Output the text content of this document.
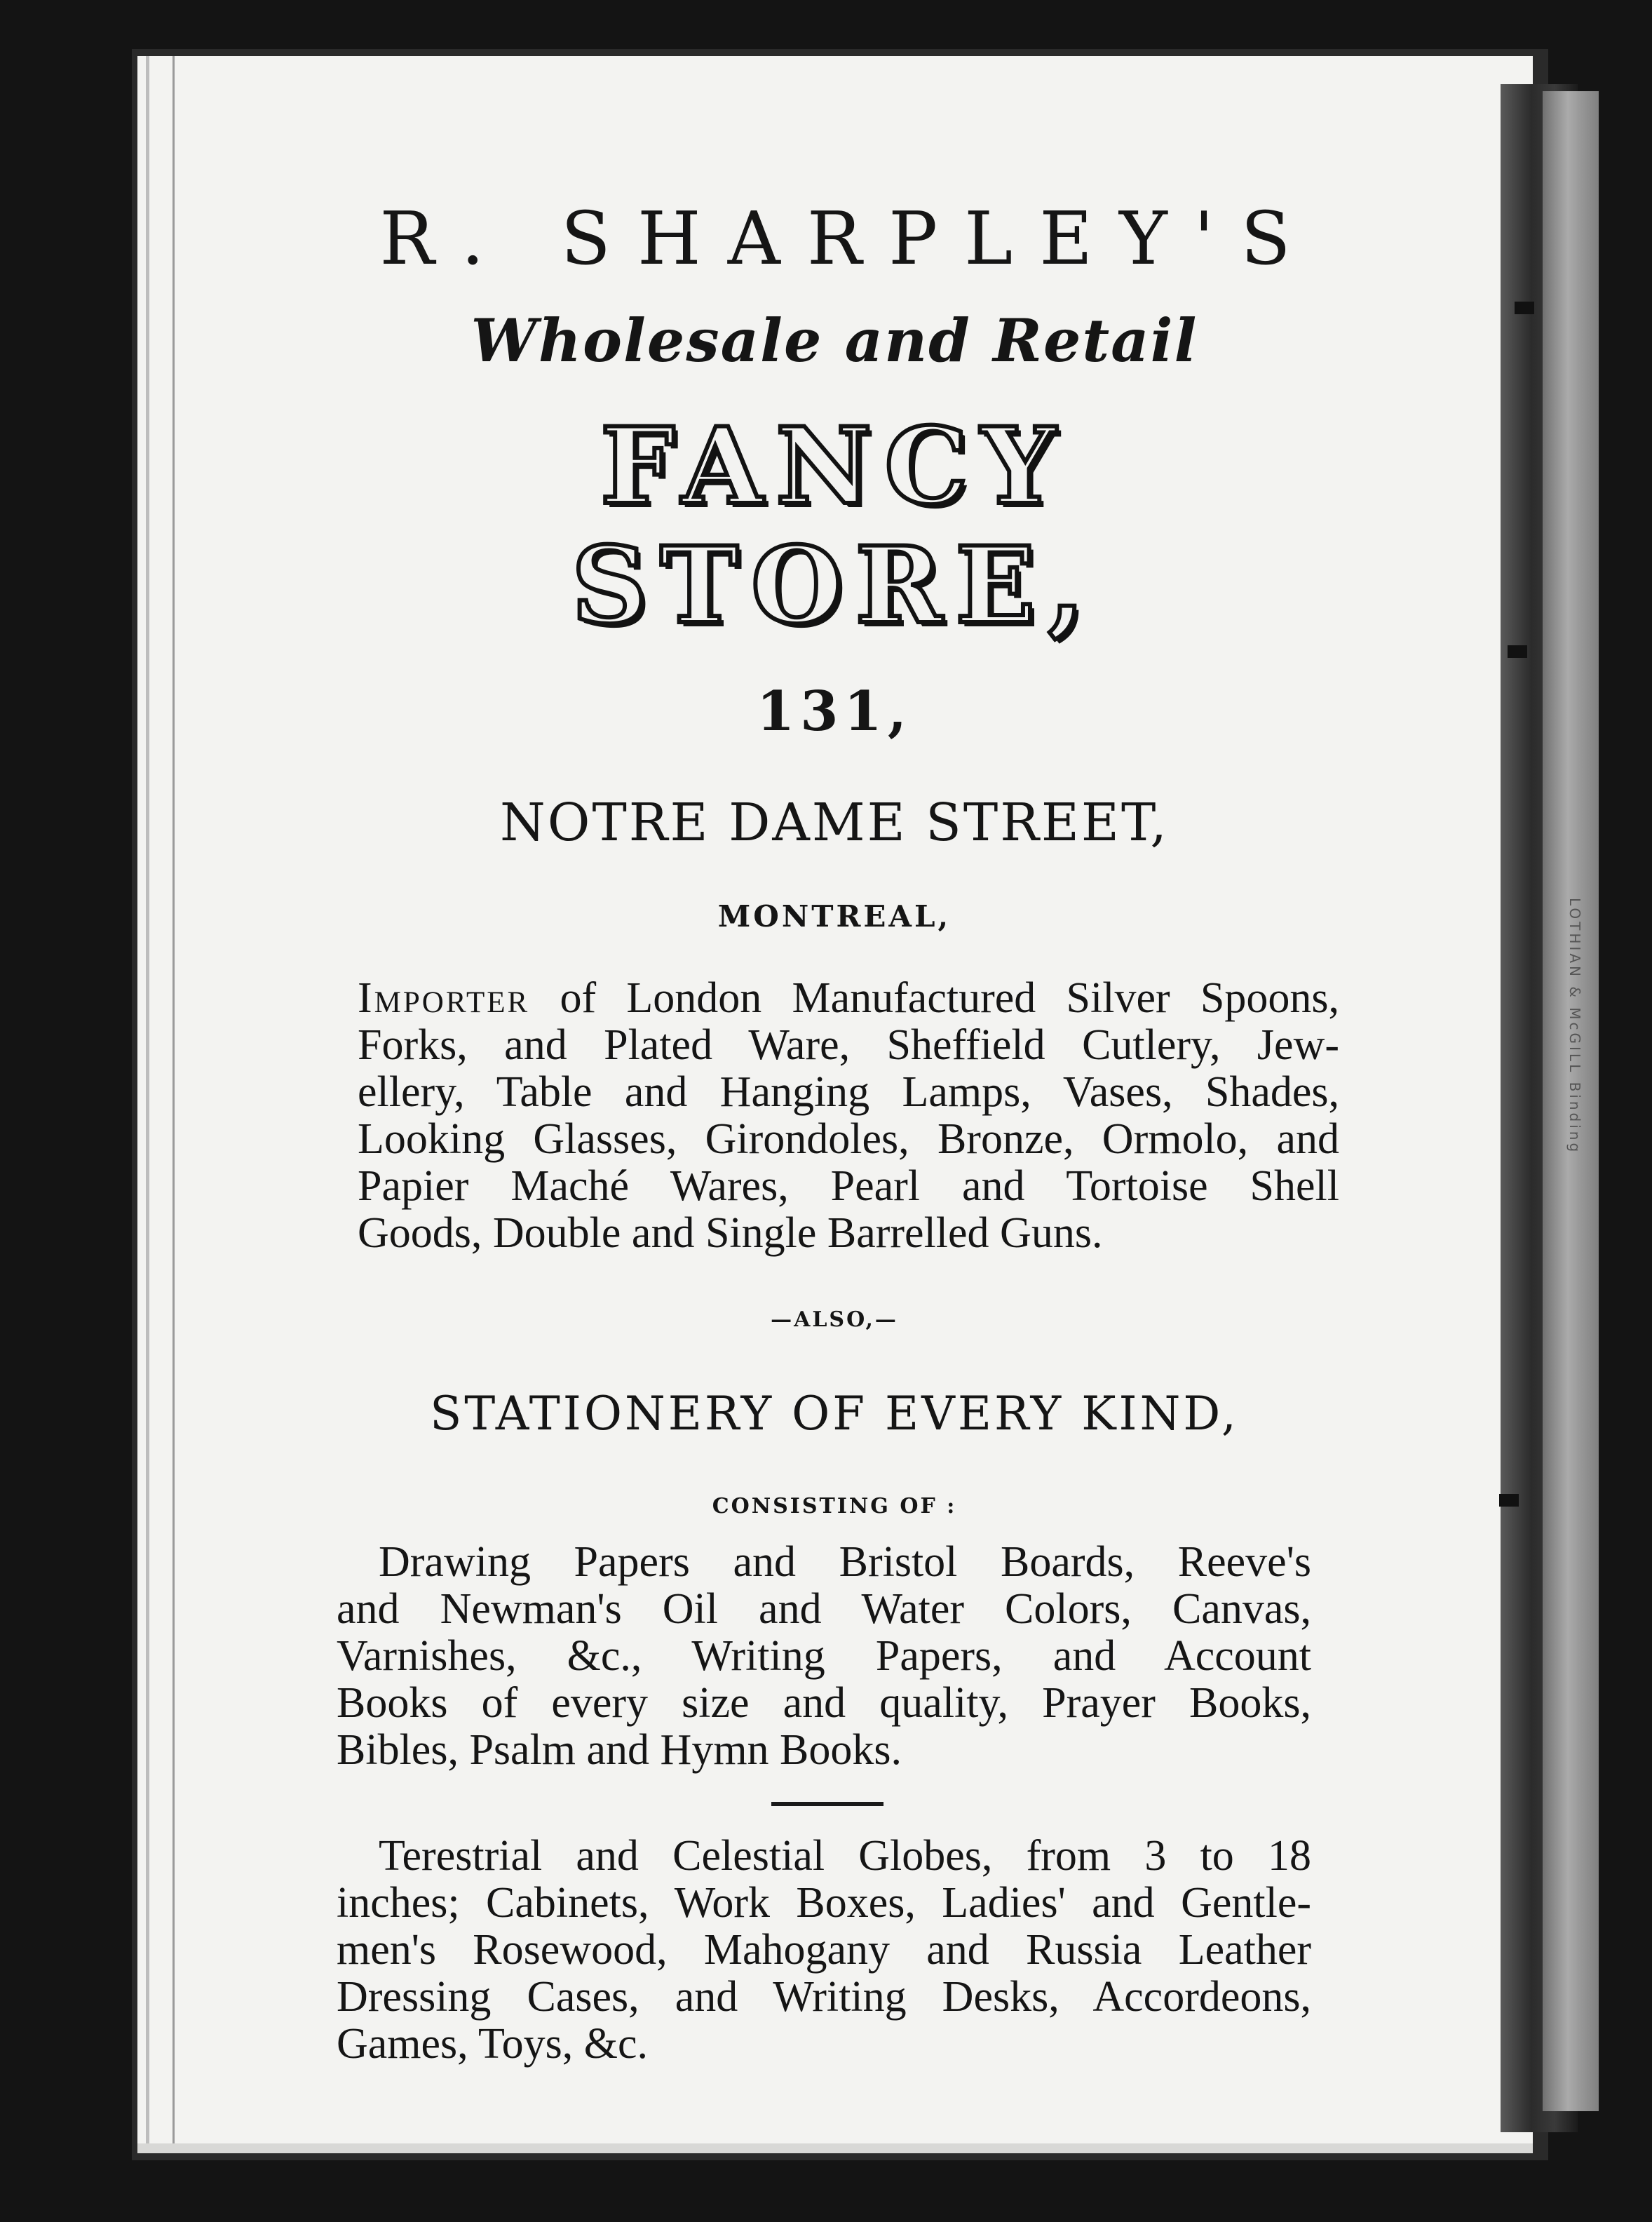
LOTHIAN & McGILL Binding
R. SHARPLEY'S
Wholesale and Retail
FANCY STORE,
131,
NOTRE DAME STREET,
MONTREAL,
Importer of London Manufactured Silver Spoons,
Forks, and Plated Ware, Sheffield Cutlery, Jew-
ellery, Table and Hanging Lamps, Vases, Shades,
Looking Glasses, Girondoles, Bronze, Ormolo, and
Papier Maché Wares, Pearl and Tortoise Shell
Goods, Double and Single Barrelled Guns.
—ALSO,—
STATIONERY OF EVERY KIND,
CONSISTING OF :
Drawing Papers and Bristol Boards, Reeve's
and Newman's Oil and Water Colors, Canvas,
Varnishes, &c., Writing Papers, and Account
Books of every size and quality, Prayer Books,
Bibles, Psalm and Hymn Books.
Terestrial and Celestial Globes, from 3 to 18
inches; Cabinets, Work Boxes, Ladies' and Gentle-
men's Rosewood, Mahogany and Russia Leather
Dressing Cases, and Writing Desks, Accordeons,
Games, Toys, &c.
